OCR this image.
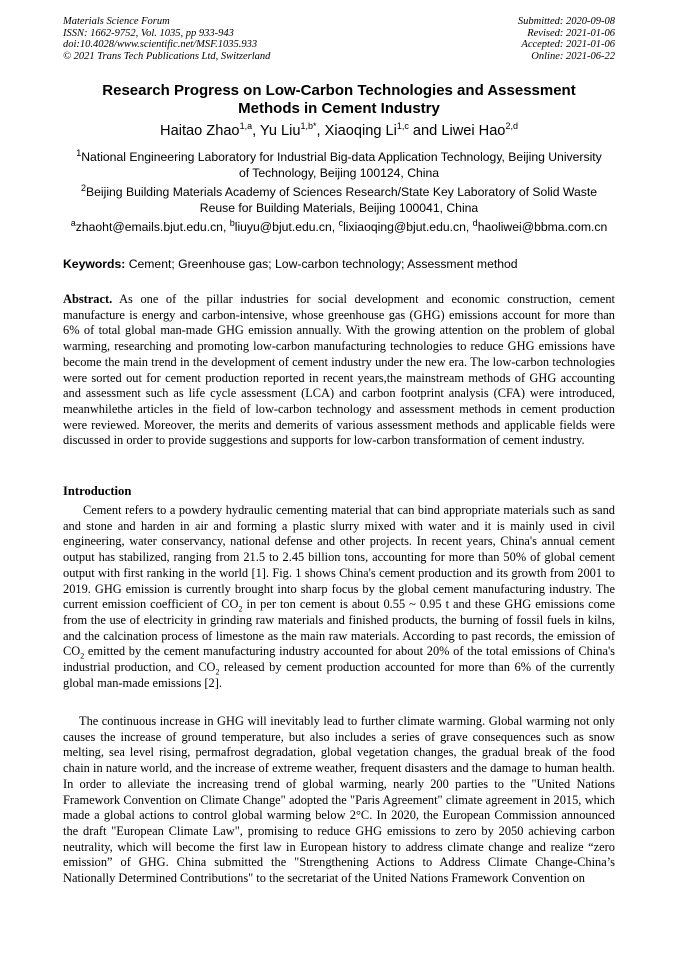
Materials Science Forum
ISSN: 1662-9752, Vol. 1035, pp 933-943
doi:10.4028/www.scientific.net/MSF.1035.933
© 2021 Trans Tech Publications Ltd, Switzerland
Submitted: 2020-09-08
Revised: 2021-01-06
Accepted: 2021-01-06
Online: 2021-06-22
Research Progress on Low-Carbon Technologies and Assessment
Methods in Cement Industry
Haitao Zhao$^{1,a}$, Yu Liu$^{1,b*}$, Xiaoqing Li$^{1,c}$ and Liwei Hao$^{2,d}$
$^1$National Engineering Laboratory for Industrial Big-data Application Technology, Beijing University
of Technology, Beijing 100124, China
$^2$Beijing Building Materials Academy of Sciences Research/State Key Laboratory of Solid Waste
Reuse for Building Materials, Beijing 100041, China
$^a$zhaoht@emails.bjut.edu.cn, $^b$liuyu@bjut.edu.cn, $^c$lixiaoqing@bjut.edu.cn, $^d$haoliwei@bbma.com.cn
Keywords: Cement; Greenhouse gas; Low-carbon technology; Assessment method
Abstract. As one of the pillar industries for social development and economic construction, cement manufacture is energy and carbon-intensive, whose greenhouse gas (GHG) emissions account for more than 6% of total global man-made GHG emission annually. With the growing attention on the problem of global warming, researching and promoting low-carbon manufacturing technologies to reduce GHG emissions have become the main trend in the development of cement industry under the new era. The low-carbon technologies were sorted out for cement production reported in recent years,the mainstream methods of GHG accounting and assessment such as life cycle assessment (LCA) and carbon footprint analysis (CFA) were introduced, meanwhilethe articles in the field of low-carbon technology and assessment methods in cement production were reviewed. Moreover, the merits and demerits of various assessment methods and applicable fields were discussed in order to provide suggestions and supports for low-carbon transformation of cement industry.
Introduction
Cement refers to a powdery hydraulic cementing material that can bind appropriate materials such as sand and stone and harden in air and forming a plastic slurry mixed with water and it is mainly used in civil engineering, water conservancy, national defense and other projects. In recent years, China's annual cement output has stabilized, ranging from 21.5 to 2.45 billion tons, accounting for more than 50% of global cement output with first ranking in the world [1]. Fig. 1 shows China's cement production and its growth from 2001 to 2019. GHG emission is currently brought into sharp focus by the global cement manufacturing industry. The current emission coefficient of $CO_2$ in per ton cement is about 0.55 ~ 0.95 t and these GHG emissions come from the use of electricity in grinding raw materials and finished products, the burning of fossil fuels in kilns, and the calcination process of limestone as the main raw materials. According to past records, the emission of $CO_2$ emitted by the cement manufacturing industry accounted for about 20% of the total emissions of China's industrial production, and $CO_2$ released by cement production accounted for more than 6% of the currently global man-made emissions [2].
The continuous increase in GHG will inevitably lead to further climate warming. Global warming not only causes the increase of ground temperature, but also includes a series of grave consequences such as snow melting, sea level rising, permafrost degradation, global vegetation changes, the gradual break of the food chain in nature world, and the increase of extreme weather, frequent disasters and the damage to human health. In order to alleviate the increasing trend of global warming, nearly 200 parties to the "United Nations Framework Convention on Climate Change" adopted the "Paris Agreement" climate agreement in 2015, which made a global actions to control global warming below 2°C. In 2020, the European Commission announced the draft "European Climate Law", promising to reduce GHG emissions to zero by 2050 achieving carbon neutrality, which will become the first law in European history to address climate change and realize “zero emission” of GHG. China submitted the "Strengthening Actions to Address Climate Change-China’s Nationally Determined Contributions" to the secretariat of the United Nations Framework Convention on
